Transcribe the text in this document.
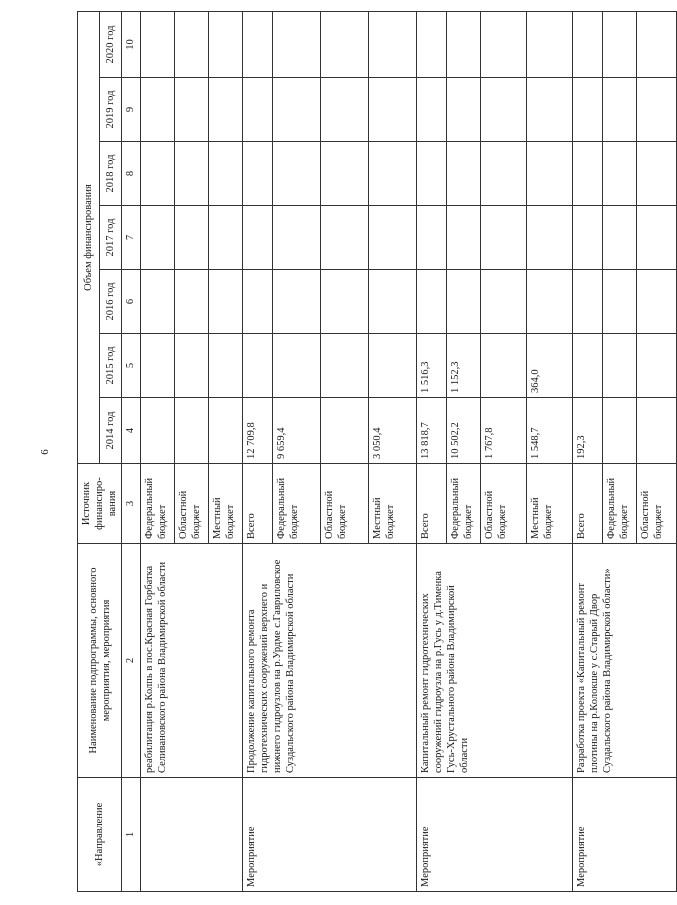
6
«Направление	Наименование подпрограммы, основного мероприятия, мероприятия	Источник финансиро-вания	Объем финансирования						
			2014 год	2015 год	2016 год	2017 год	2018 год	2019 год	2020 год
1	2	3	4	5	6	7	8	9	10
	реабилитация р.Колпь в пос.Красная Горбатка Селивановского района Владимирской области	Федеральный бюджет							
		Областной бюджет							
		Местный бюджет							
Мероприятие	Продолжение капитального ремонта гидротехнических сооружений верхнего и нижнего гидроузлов на р.Урдме с.Гавриловское Суздальского района Владимирской области	Всего	12 709,8						
		Федеральный бюджет	9 659,4						
		Областной бюджет							
		Местный бюджет	3 050,4						
Мероприятие	Капитальный ремонт гидротехнических сооружений гидроузла на р.Гусь у д.Тименка Гусь-Хрустального района Владимирской области	Всего	13 818,7	1 516,3					
		Федеральный бюджет	10 502,2	1 152,3					
		Областной бюджет	1 767,8						
		Местный бюджет	1 548,7	364,0					
Мероприятие	Разработка проекта «Капитальный ремонт плотины на р.Колокше у с.Старый Двор Суздальского района Владимирской области»	Всего	192,3						
		Федеральный бюджет							
		Областной бюджет							
